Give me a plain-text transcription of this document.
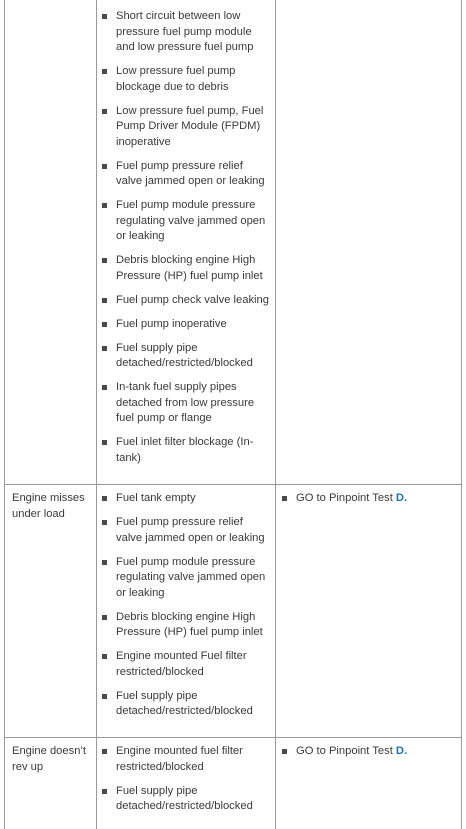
Short circuit between low pressure fuel pump module and low pressure fuel pump
Low pressure fuel pump blockage due to debris
Low pressure fuel pump, Fuel Pump Driver Module (FPDM) inoperative
Fuel pump pressure relief valve jammed open or leaking
Fuel pump module pressure regulating valve jammed open or leaking
Debris blocking engine High Pressure (HP) fuel pump inlet
Fuel pump check valve leaking
Fuel pump inoperative
Fuel supply pipe detached/restricted/blocked
In-tank fuel supply pipes detached from low pressure fuel pump or flange
Fuel inlet filter blockage (In-tank)
Engine misses under load
Fuel tank empty
Fuel pump pressure relief valve jammed open or leaking
Fuel pump module pressure regulating valve jammed open or leaking
Debris blocking engine High Pressure (HP) fuel pump inlet
Engine mounted Fuel filter restricted/blocked
Fuel supply pipe detached/restricted/blocked
GO to Pinpoint Test D.
Engine doesn’t rev up
Engine mounted fuel filter restricted/blocked
Fuel supply pipe detached/restricted/blocked
GO to Pinpoint Test D.
